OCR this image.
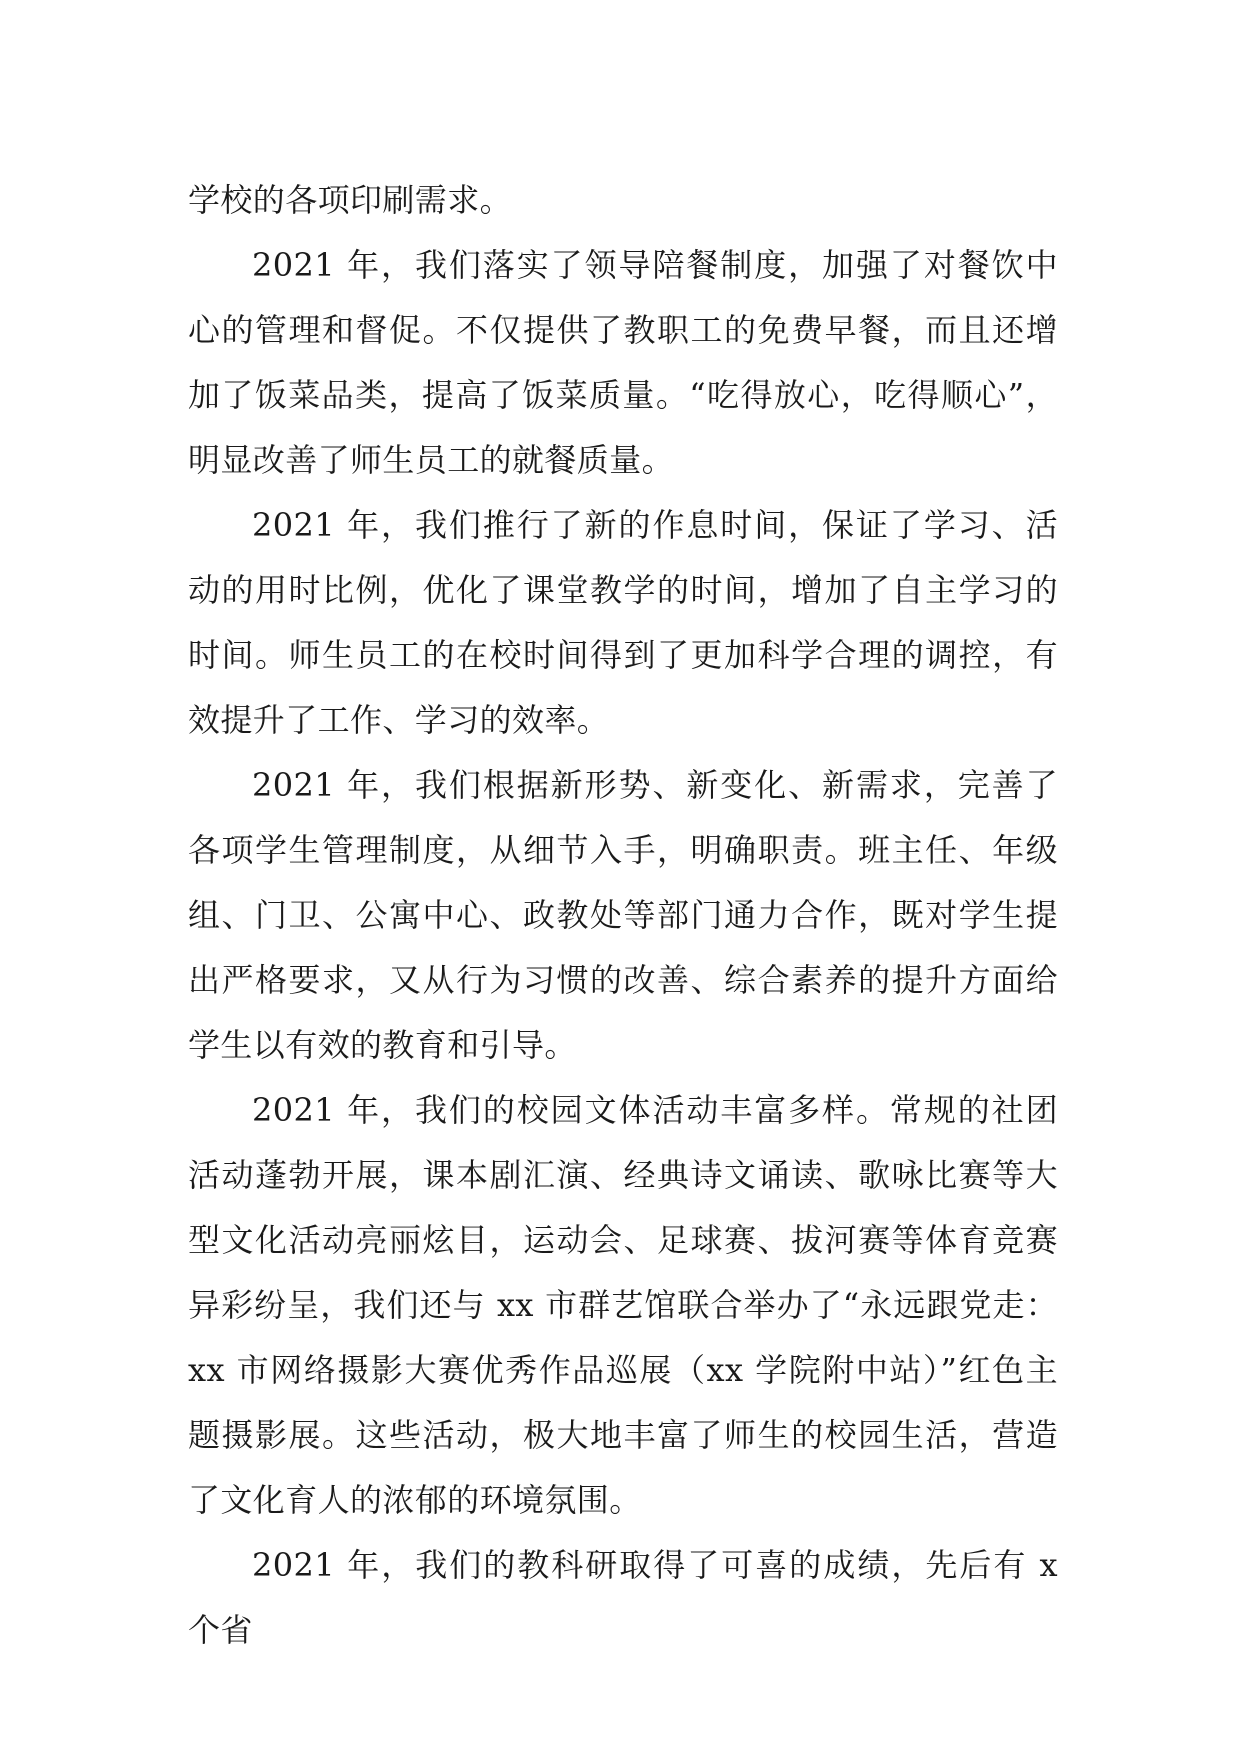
学校的各项印刷需求。

2021 年，我们落实了领导陪餐制度，加强了对餐饮中心的管理和督促。不仅提供了教职工的免费早餐，而且还增加了饭菜品类，提高了饭菜质量。“吃得放心，吃得顺心”，明显改善了师生员工的就餐质量。

2021 年，我们推行了新的作息时间，保证了学习、活动的用时比例，优化了课堂教学的时间，增加了自主学习的时间。师生员工的在校时间得到了更加科学合理的调控，有效提升了工作、学习的效率。

2021 年，我们根据新形势、新变化、新需求，完善了各项学生管理制度，从细节入手，明确职责。班主任、年级组、门卫、公寓中心、政教处等部门通力合作，既对学生提出严格要求，又从行为习惯的改善、综合素养的提升方面给学生以有效的教育和引导。

2021 年，我们的校园文体活动丰富多样。常规的社团活动蓬勃开展，课本剧汇演、经典诗文诵读、歌咏比赛等大型文化活动亮丽炫目，运动会、足球赛、拔河赛等体育竞赛异彩纷呈，我们还与 xx 市群艺馆联合举办了“永远跟党走：xx 市网络摄影大赛优秀作品巡展（xx 学院附中站）”红色主题摄影展。这些活动，极大地丰富了师生的校园生活，营造了文化育人的浓郁的环境氛围。

2021 年，我们的教科研取得了可喜的成绩，先后有 x 个省
